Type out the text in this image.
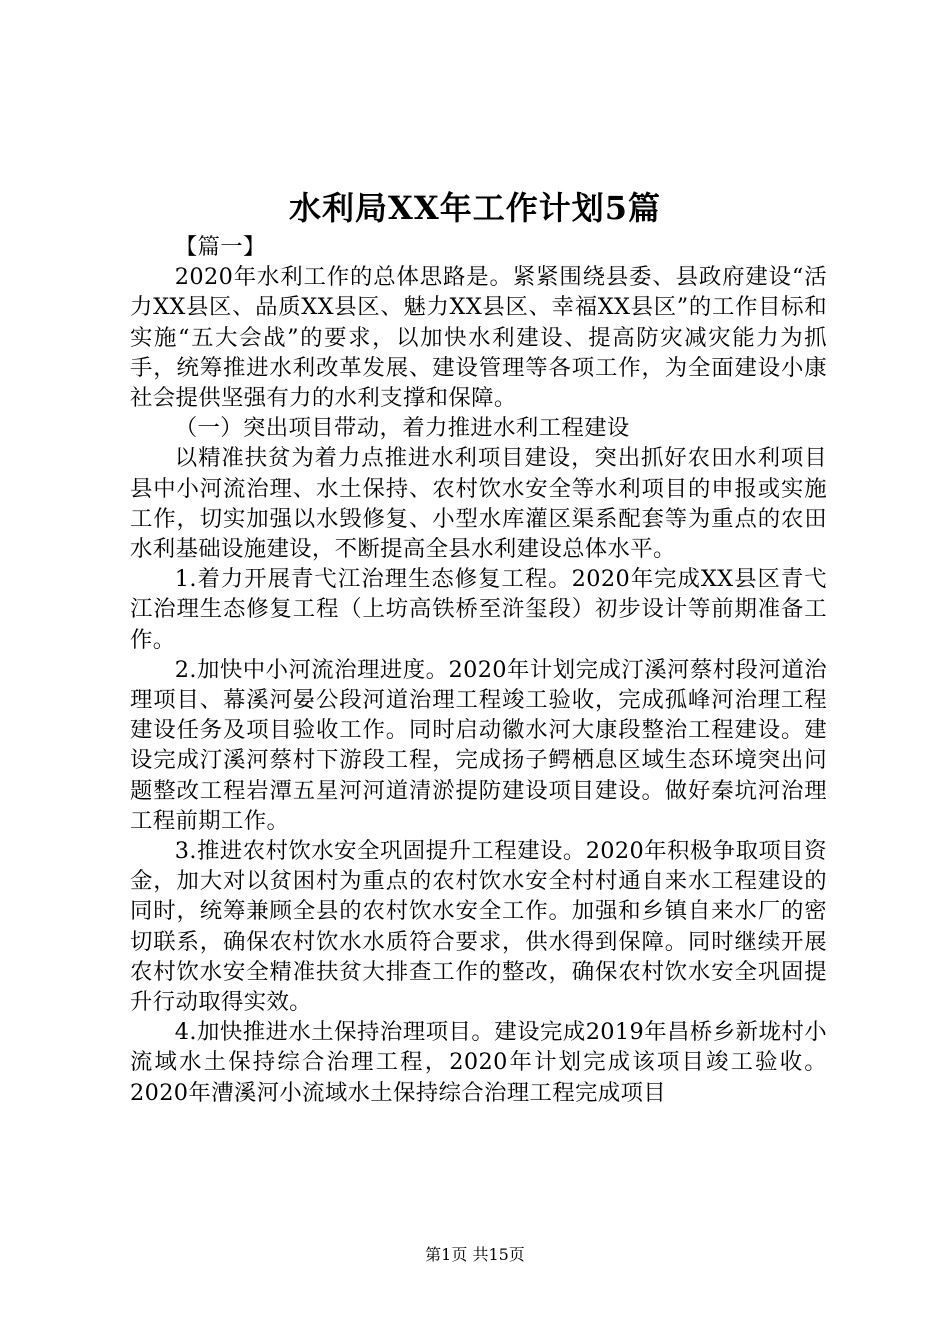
水利局XX年工作计划5篇

【篇一】

2020年水利工作的总体思路是。紧紧围绕县委、县政府建设“活力XX县区、品质XX县区、魅力XX县区、幸福XX县区”的工作目标和实施“五大会战”的要求，以加快水利建设、提高防灾减灾能力为抓手，统筹推进水利改革发展、建设管理等各项工作，为全面建设小康社会提供坚强有力的水利支撑和保障。

（一）突出项目带动，着力推进水利工程建设

以精准扶贫为着力点推进水利项目建设，突出抓好农田水利项目县中小河流治理、水土保持、农村饮水安全等水利项目的申报或实施工作，切实加强以水毁修复、小型水库灌区渠系配套等为重点的农田水利基础设施建设，不断提高全县水利建设总体水平。

1.着力开展青弋江治理生态修复工程。2020年完成XX县区青弋江治理生态修复工程（上坊高铁桥至浒玺段）初步设计等前期准备工作。

2.加快中小河流治理进度。2020年计划完成汀溪河蔡村段河道治理项目、幕溪河晏公段河道治理工程竣工验收，完成孤峰河治理工程建设任务及项目验收工作。同时启动徽水河大康段整治工程建设。建设完成汀溪河蔡村下游段工程，完成扬子鳄栖息区域生态环境突出问题整改工程岩潭五星河河道清淤提防建设项目建设。做好秦坑河治理工程前期工作。

3.推进农村饮水安全巩固提升工程建设。2020年积极争取项目资金，加大对以贫困村为重点的农村饮水安全村村通自来水工程建设的同时，统筹兼顾全县的农村饮水安全工作。加强和乡镇自来水厂的密切联系，确保农村饮水水质符合要求，供水得到保障。同时继续开展农村饮水安全精准扶贫大排查工作的整改，确保农村饮水安全巩固提升行动取得实效。

4.加快推进水土保持治理项目。建设完成2019年昌桥乡新垅村小流域水土保持综合治理工程，2020年计划完成该项目竣工验收。2020年漕溪河小流域水土保持综合治理工程完成项目

第1页 共15页
